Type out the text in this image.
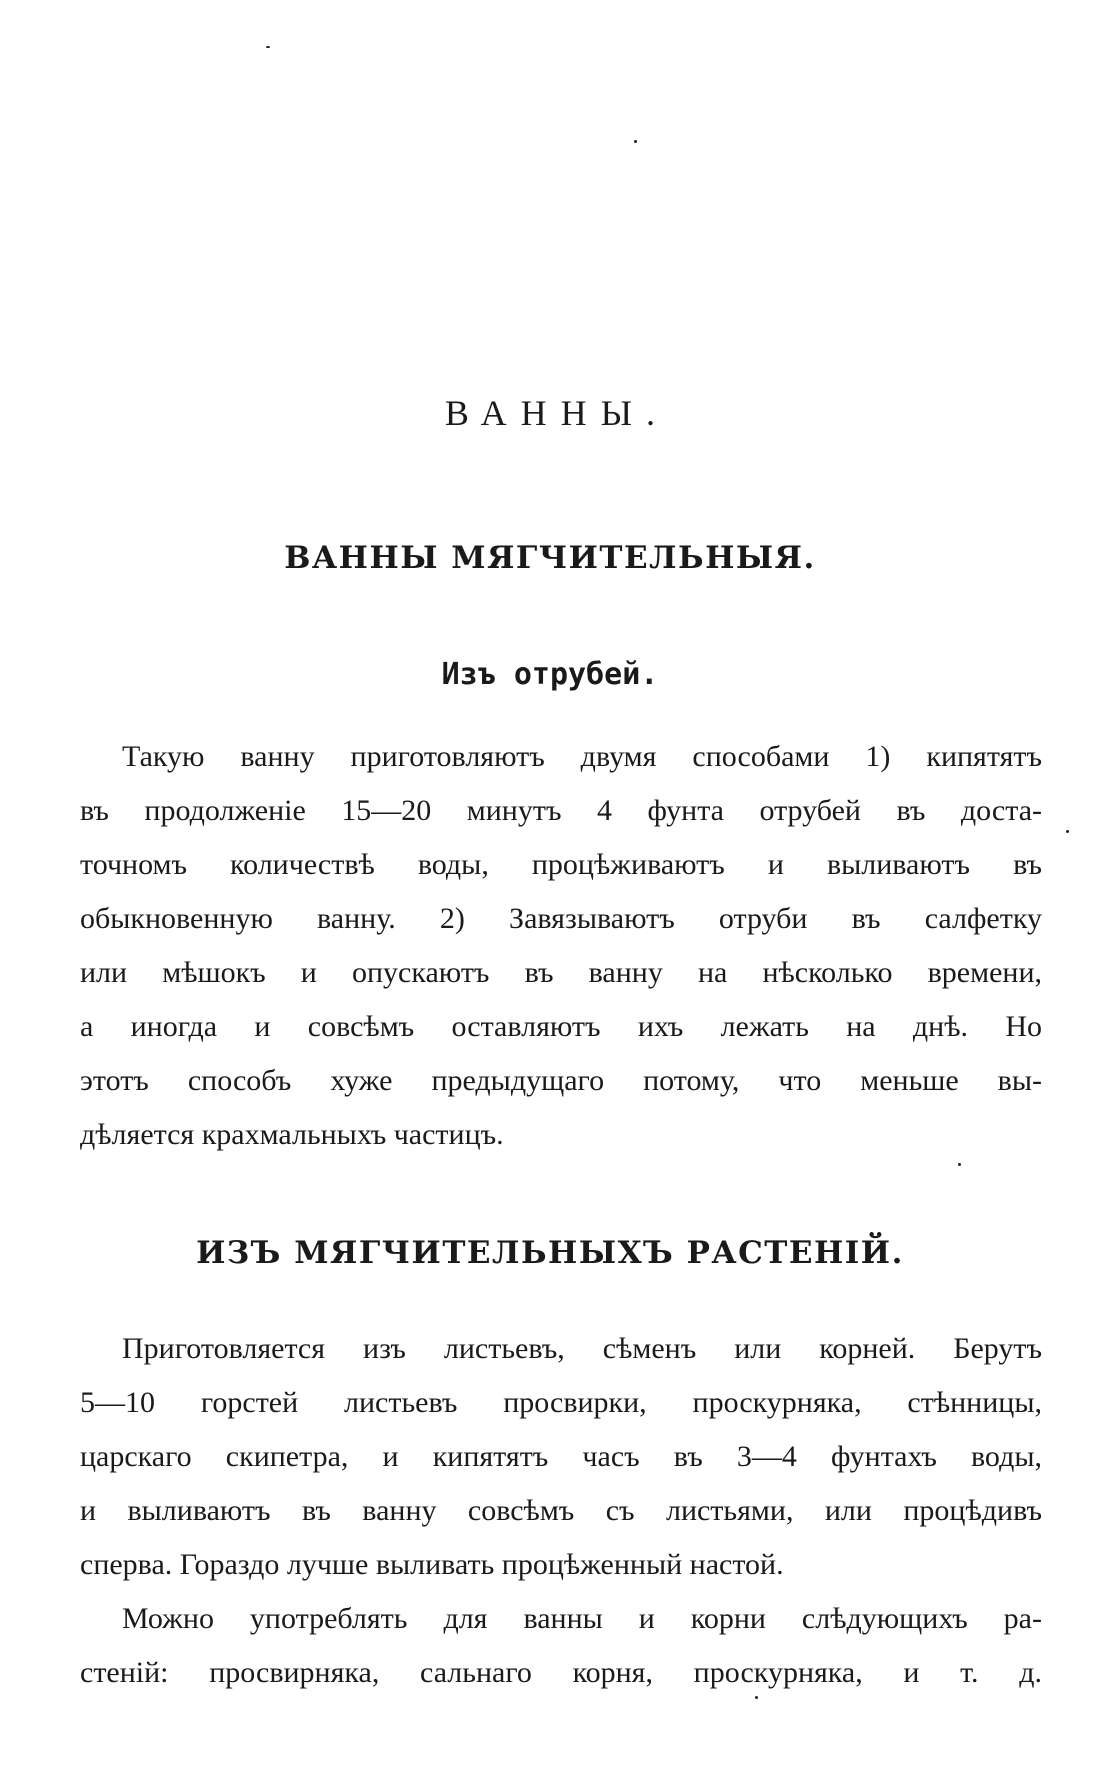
ВАННЫ.
ВАННЫ МЯГЧИТЕЛЬНЫЯ.
Изъ отрубей.
Такую ванну приготовляютъ двумя способами 1) кипятятъ
въ продолженіе 15—20 минутъ 4 фунта отрубей въ доста-
точномъ количествѣ воды, процѣживаютъ и выливаютъ въ
обыкновенную ванну. 2) Завязываютъ отруби въ салфетку
или мѣшокъ и опускаютъ въ ванну на нѣсколько времени,
а иногда и совсѣмъ оставляютъ ихъ лежать на днѣ. Но
этотъ способъ хуже предыдущаго потому, что меньше вы-
дѣляется крахмальныхъ частицъ.
ИЗЪ МЯГЧИТЕЛЬНЫХЪ РАСТЕНІЙ.
Приготовляется изъ листьевъ, сѣменъ или корней. Берутъ
5—10 горстей листьевъ просвирки, проскурняка, стѣнницы,
царскаго скипетра, и кипятятъ часъ въ 3—4 фунтахъ воды,
и выливаютъ въ ванну совсѣмъ съ листьями, или процѣдивъ
сперва. Гораздо лучше выливать процѣженный настой.
Можно употреблять для ванны и корни слѣдующихъ ра-
стеній: просвирняка, сальнаго корня, проскурняка, и т. д.
